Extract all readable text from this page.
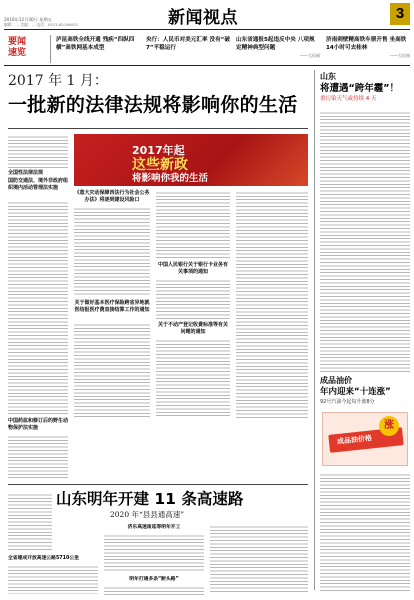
2016年12月30日 星期五
编辑：... 美编：... 电话：0531-85196001	新闻视点	3
要闻速览
泸昆高铁全线开通 残疾“四纵四横”高铁网基本成型
央行：人民币对美元汇率 没有“破7”平稳运行
山东省通报5起违反中央 八项规定精神典型问题
——大民网
济南刺壁精高铁车票开售 坐高铁14小时可去桂林
——大民网
2017 年 1 月：
一批新的法律法规将影响你的生活
全国性法律法规
国防交通法、境外非政府组织境内活动管理法实施
中国药监和修订后的野生动物保护法实施
2017年起
这些新政
将影响你我的生活
《意大灾动保障西法行为社会公务办法》将逐到建设风险口
关于做好基本医疗保险跨省异地就医结报医疗费直接结算工作的通知
中国人民银行关于银行卡业务有关事项的通知
关于不动产登记收费标准等有关问题的通知
山东
将遭遇“跨年霾”！
重污染天气或持续 4 天
成品油价
年内迎来“十连涨”
92号汽油今起每升涨8分
涨
成品油价格
山东明年开建 11 条高速路
2020 年“县县通高速”
全省建成开放高速公路5710公里
济乐高速南延等明年开工
明年打通多条“断头路”
